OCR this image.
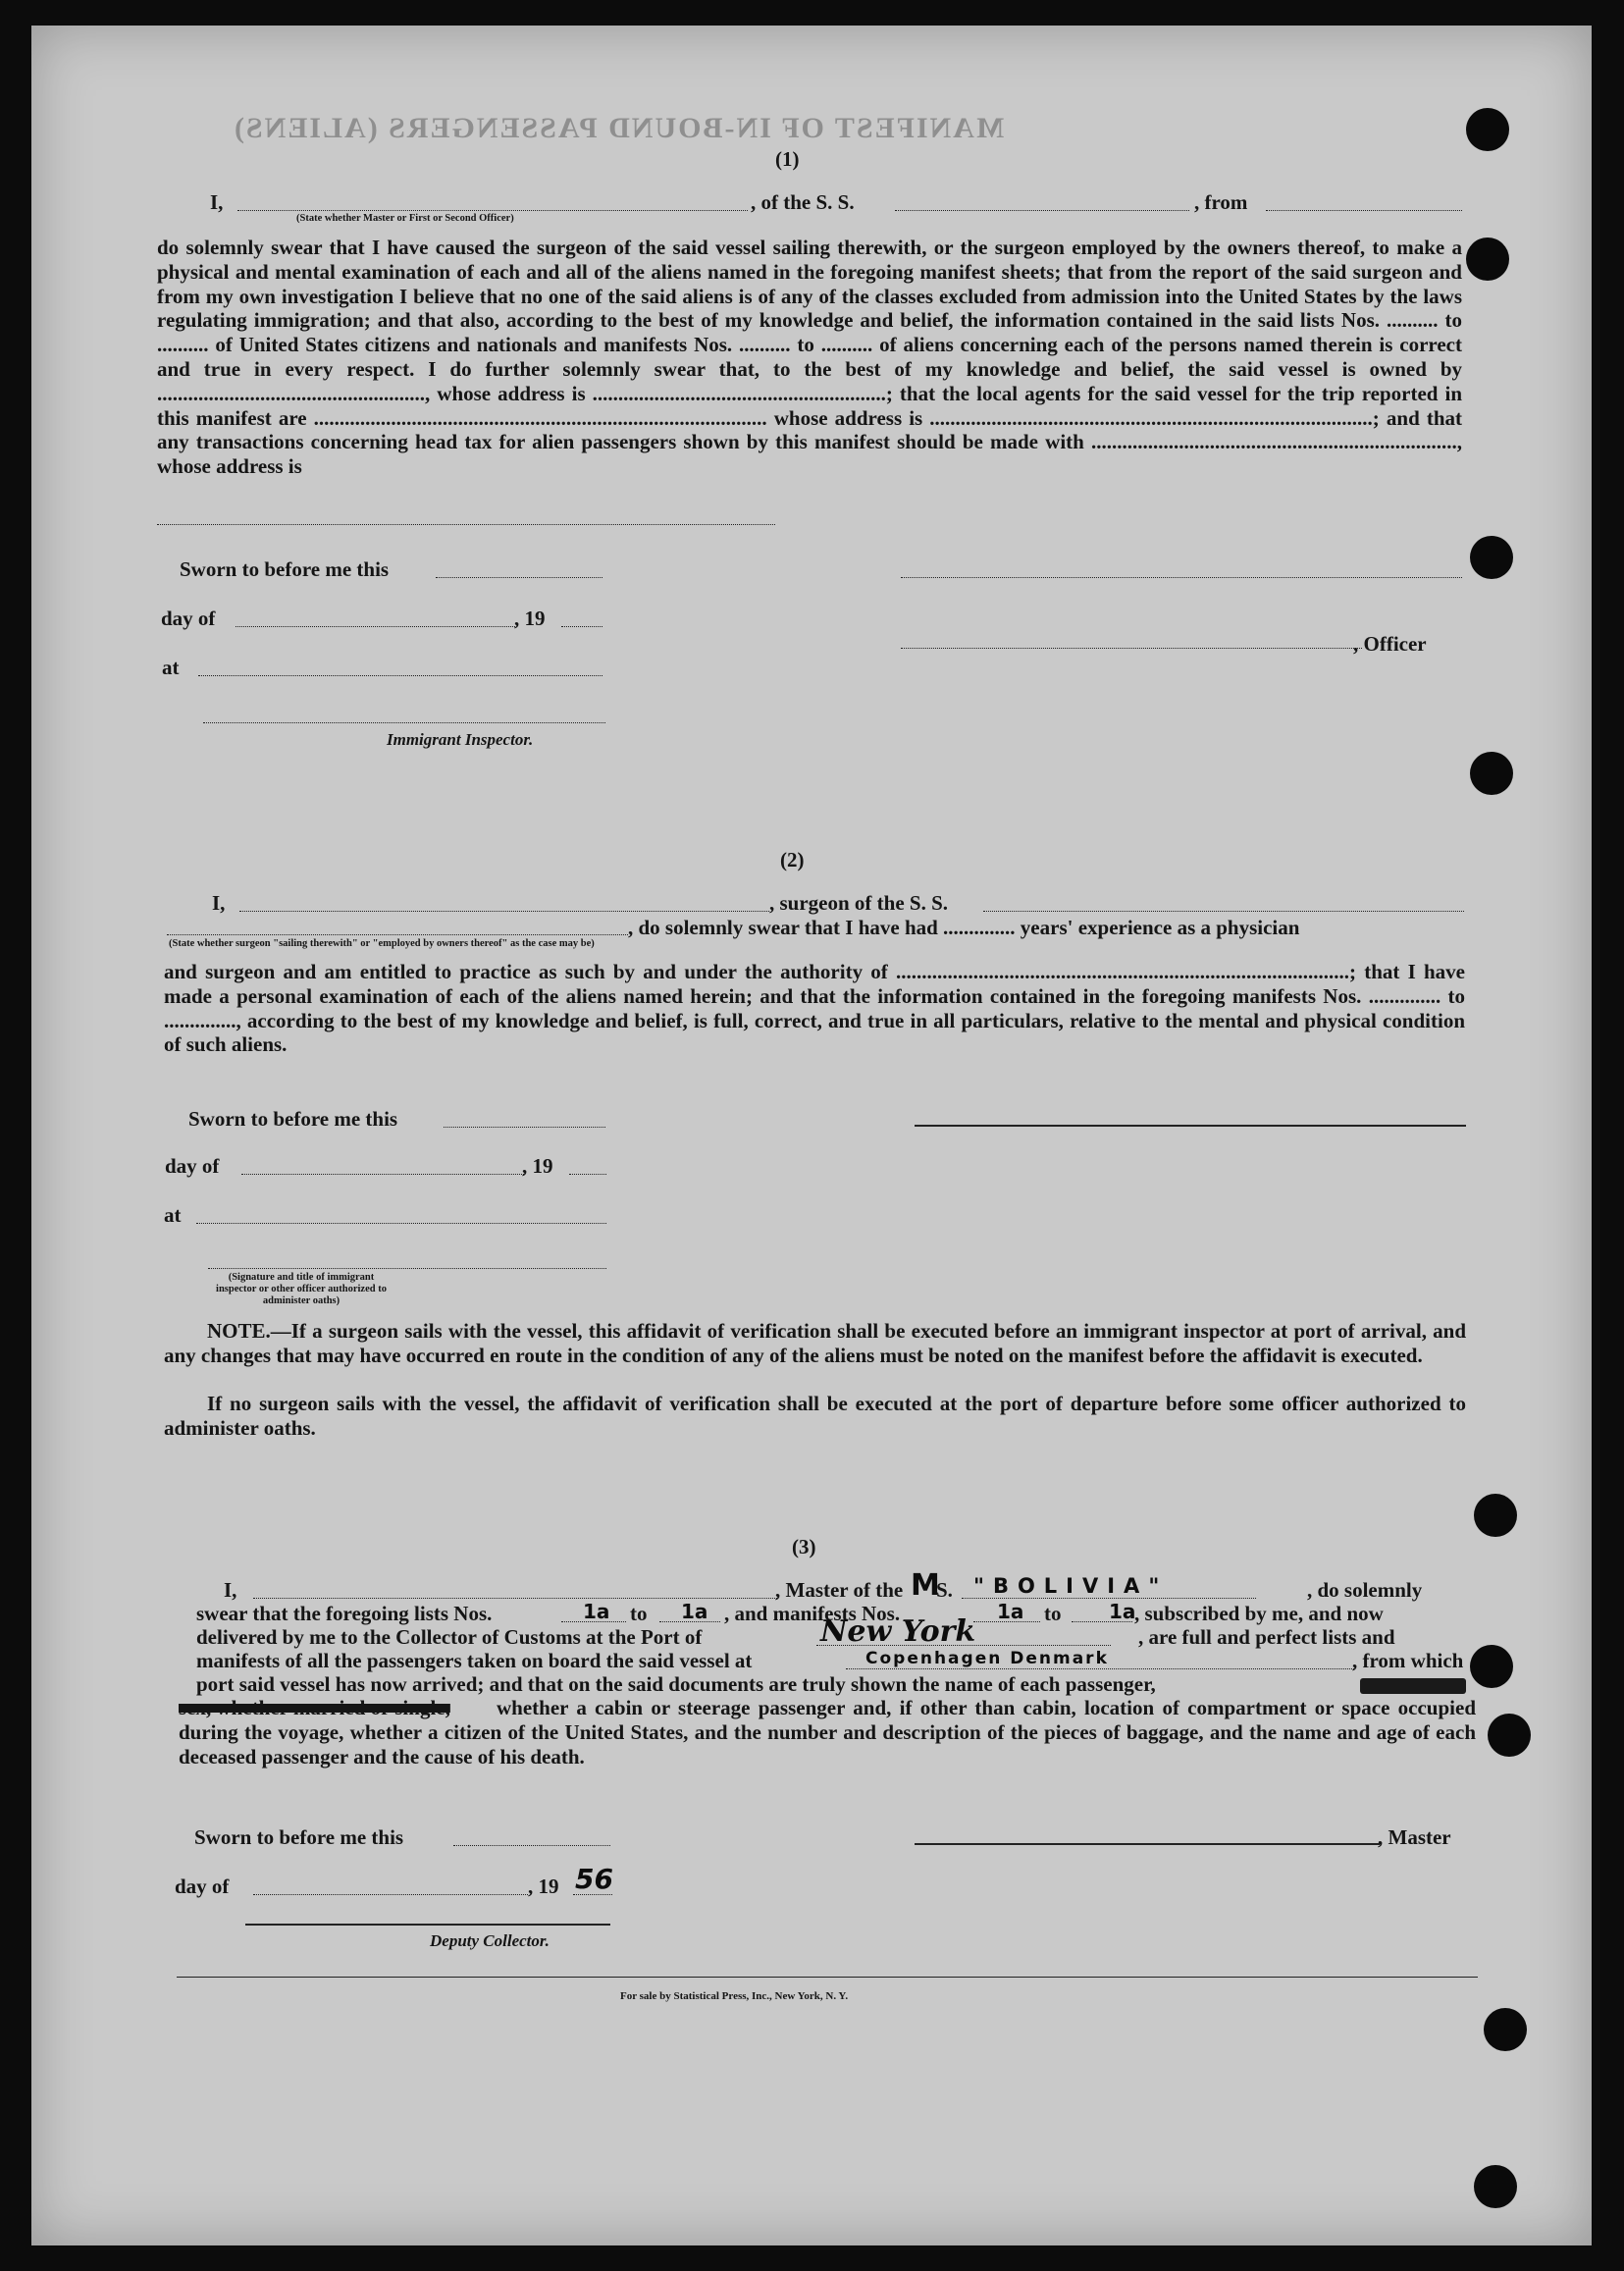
MANIFEST OF IN-BOUND PASSENGERS (ALIENS)
(1)
I,	, of the S. S.	, from
(State whether Master or First or Second Officer)
do solemnly swear that I have caused the surgeon of the said vessel sailing therewith, or the surgeon employed by the owners thereof, to make a physical and mental examination of each and all of the aliens named in the foregoing manifest sheets; that from the report of the said surgeon and from my own investigation I believe that no one of the said aliens is of any of the classes excluded from admission into the United States by the laws regulating immigration; and that also, according to the best of my knowledge and belief, the information contained in the said lists Nos. .......... to .......... of United States citizens and nationals and manifests Nos. .......... to .......... of aliens concerning each of the persons named therein is correct and true in every respect. I do further solemnly swear that, to the best of my knowledge and belief, the said vessel is owned by ...................................................., whose address is .........................................................; that the local agents for the said vessel for the trip reported in this manifest are ........................................................................................ whose address is ......................................................................................; and that any transactions concerning head tax for alien passengers shown by this manifest should be made with ......................................................................., whose address is
Sworn to before me this
day of	, 19
, Officer
at
Immigrant Inspector.
(2)
I,	, surgeon of the S. S.
, do solemnly swear that I have had .............. years' experience as a physician
(State whether surgeon "sailing therewith" or "employed by owners thereof" as the case may be)
and surgeon and am entitled to practice as such by and under the authority of ........................................................................................; that I have made a personal examination of each of the aliens named herein; and that the information contained in the foregoing manifests Nos. .............. to .............., according to the best of my knowledge and belief, is full, correct, and true in all particulars, relative to the mental and physical condition of such aliens.
Sworn to before me this
day of	, 19
at
(Signature and title of immigrant inspector or other officer authorized to administer oaths)
NOTE.—If a surgeon sails with the vessel, this affidavit of verification shall be executed before an immigrant inspector at port of arrival, and any changes that may have occurred en route in the condition of any of the aliens must be noted on the manifest before the affidavit is executed.
If no surgeon sails with the vessel, the affidavit of verification shall be executed at the port of departure before some officer authorized to administer oaths.
(3)
I,	, Master of the M
S. "BOLIVIA"	, do solemnly
swear that the foregoing lists Nos.	1a to 1a , and manifests Nos.	1a to 1a
, subscribed by me, and now
delivered by me to the Collector of Customs at the Port of	New York	, are full and perfect lists and
manifests of all the passengers taken on board the said vessel at	Copenhagen Denmark	, from which
port said vessel has now arrived; and that on the said documents are truly shown the name of each passenger,
sex, whether married or single,	whether a cabin or steerage passenger and, if other than cabin, location of compartment or space occupied during the voyage, whether a citizen of the United States, and the number and description of the pieces of baggage, and the name and age of each deceased passenger and the cause of his death.
Sworn to before me this	, Master
day of	, 19 56
Deputy Collector.
For sale by Statistical Press, Inc., New York, N. Y.
